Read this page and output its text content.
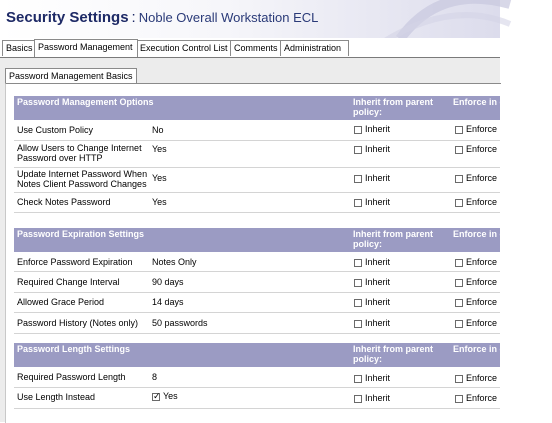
Security Settings : Noble Overall Workstation ECL
Basics Password Management Execution Control List Comments Administration
Password Management Basics
Password Management Options	Inherit from parent policy:
Enforce in child policy:
Use Custom Policy	No	Inherit	Enforce
Allow Users to Change Internet Password over HTTP
Yes	Inherit	Enforce
Update Internet Password When Notes Client Password Changes
Yes	Inherit	Enforce
Check Notes Password	Yes	Inherit	Enforce
Password Expiration Settings	Inherit from parent policy:
Enforce in child policy:
Enforce Password Expiration	Notes Only	Inherit	Enforce
Required Change Interval	90 days	Inherit	Enforce
Allowed Grace Period	14 days	Inherit	Enforce
Password History (Notes only)	50 passwords	Inherit	Enforce
Password Length Settings	Inherit from parent policy:
Enforce in child policy:
Required Password Length	8	Inherit	Enforce
Use Length Instead
✓	Yes	Inherit	Enforce
